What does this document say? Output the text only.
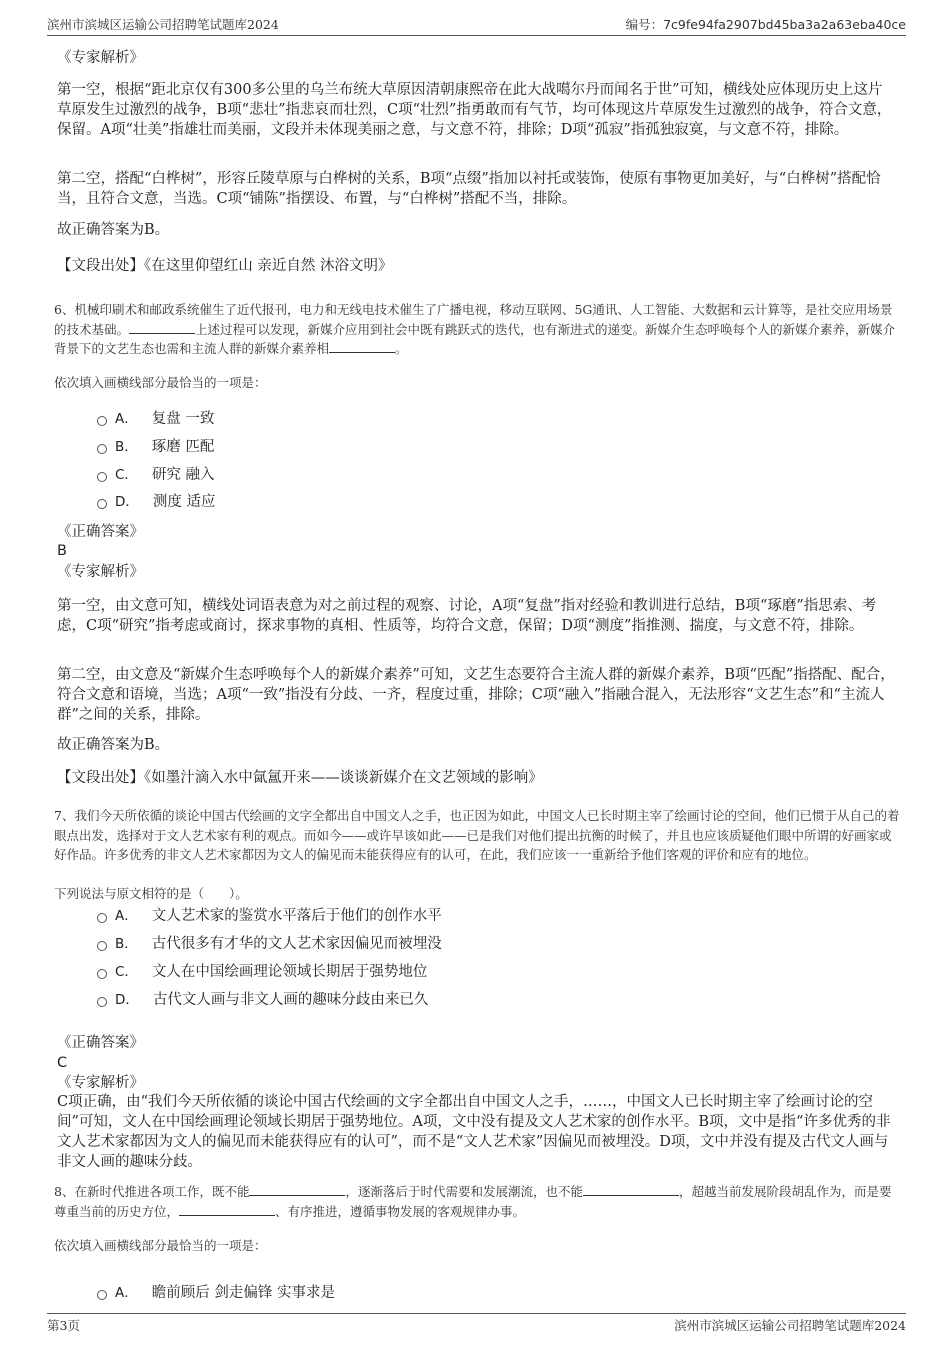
滨州市滨城区运输公司招聘笔试题库2024	编号：7c9fe94fa2907bd45ba3a2a63eba40ce
《专家解析》
第一空，根据“距北京仅有300多公里的乌兰布统大草原因清朝康熙帝在此大战噶尔丹而闻名于世”可知，横线处应体现历史上这片草原发生过激烈的战争，B项“悲壮”指悲哀而壮烈，C项“壮烈”指勇敢而有气节，均可体现这片草原发生过激烈的战争，符合文意，保留。A项“壮美”指雄壮而美丽，文段并未体现美丽之意，与文意不符，排除；D项“孤寂”指孤独寂寞，与文意不符，排除。
第二空，搭配“白桦树”，形容丘陵草原与白桦树的关系，B项“点缀”指加以衬托或装饰，使原有事物更加美好，与“白桦树”搭配恰当，且符合文意，当选。C项“铺陈”指摆设、布置，与“白桦树”搭配不当，排除。
故正确答案为B。
【文段出处】《在这里仰望红山 亲近自然 沐浴文明》
6、机械印刷术和邮政系统催生了近代报刊，电力和无线电技术催生了广播电视，移动互联网、5G通讯、人工智能、大数据和云计算等，是社交应用场景的技术基础。	上述过程可以发现，新媒介应用到社会中既有跳跃式的迭代，也有渐进式的递变。新媒介生态呼唤每个人的新媒介素养，新媒介背景下的文艺生态也需和主流人群的新媒介素养相	。
依次填入画横线部分最恰当的一项是：
A． 复盘 一致
B． 琢磨 匹配
C． 研究 融入
D． 测度 适应
《正确答案》
B
《专家解析》
第一空，由文意可知，横线处词语表意为对之前过程的观察、讨论，A项“复盘”指对经验和教训进行总结，B项“琢磨”指思索、考虑，C项“研究”指考虑或商讨，探求事物的真相、性质等，均符合文意，保留；D项“测度”指推测、揣度，与文意不符，排除。
第二空，由文意及“新媒介生态呼唤每个人的新媒介素养”可知，文艺生态要符合主流人群的新媒介素养，B项“匹配”指搭配、配合，符合文意和语境，当选；A项“一致”指没有分歧、一齐，程度过重，排除；C项“融入”指融合混入，无法形容“文艺生态”和“主流人群”之间的关系，排除。
故正确答案为B。
【文段出处】《如墨汁滴入水中氤氲开来——谈谈新媒介在文艺领域的影响》
7、我们今天所依循的谈论中国古代绘画的文字全都出自中国文人之手，也正因为如此，中国文人已长时期主宰了绘画讨论的空间，他们已惯于从自己的着眼点出发，选择对于文人艺术家有利的观点。而如今——或许早该如此——已是我们对他们提出抗衡的时候了，并且也应该质疑他们眼中所谓的好画家或好作品。许多优秀的非文人艺术家都因为文人的偏见而未能获得应有的认可，在此，我们应该一一重新给予他们客观的评价和应有的地位。
下列说法与原文相符的是（　　）。
A． 文人艺术家的鉴赏水平落后于他们的创作水平
B． 古代很多有才华的文人艺术家因偏见而被埋没
C． 文人在中国绘画理论领域长期居于强势地位
D． 古代文人画与非文人画的趣味分歧由来已久
《正确答案》
C
《专家解析》
C项正确，由“我们今天所依循的谈论中国古代绘画的文字全都出自中国文人之手，……，中国文人已长时期主宰了绘画讨论的空间”可知，文人在中国绘画理论领域长期居于强势地位。A项，文中没有提及文人艺术家的创作水平。B项，文中是指“许多优秀的非文人艺术家都因为文人的偏见而未能获得应有的认可”，而不是“文人艺术家”因偏见而被埋没。D项，文中并没有提及古代文人画与非文人画的趣味分歧。
8、在新时代推进各项工作，既不能	，逐渐落后于时代需要和发展潮流，也不能	，超越当前发展阶段胡乱作为，而是要尊重当前的历史方位，	、有序推进，遵循事物发展的客观规律办事。
依次填入画横线部分最恰当的一项是：
A． 瞻前顾后 剑走偏锋 实事求是
第3页	滨州市滨城区运输公司招聘笔试题库2024
